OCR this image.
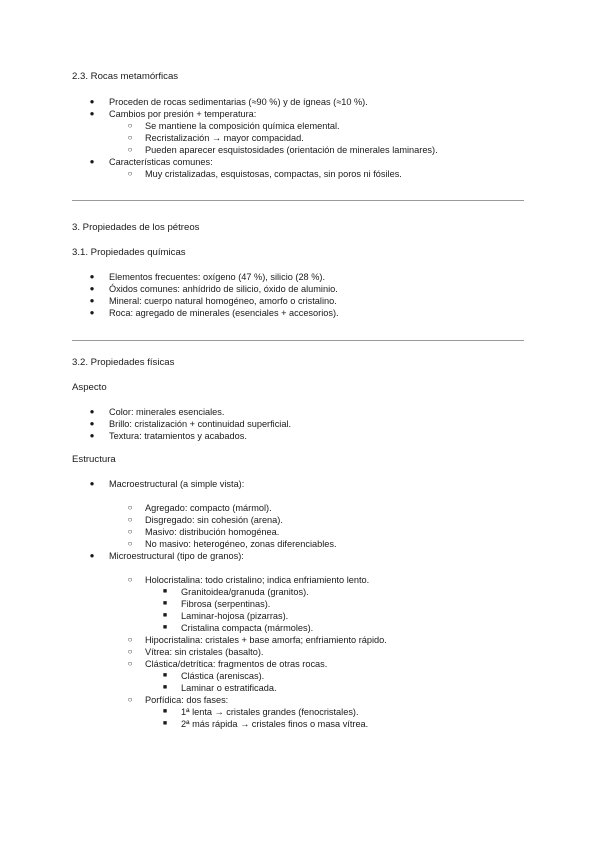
2.3. Rocas metamórficas
● Proceden de rocas sedimentarias (≈90 %) y de ígneas (≈10 %).
● Cambios por presión + temperatura:
○ Se mantiene la composición química elemental.
○ Recristalización → mayor compacidad.
○ Pueden aparecer esquistosidades (orientación de minerales laminares).
● Características comunes:
○ Muy cristalizadas, esquistosas, compactas, sin poros ni fósiles.
3. Propiedades de los pétreos
3.1. Propiedades químicas
● Elementos frecuentes: oxígeno (47 %), silicio (28 %).
● Óxidos comunes: anhídrido de silicio, óxido de aluminio.
● Mineral: cuerpo natural homogéneo, amorfo o cristalino.
● Roca: agregado de minerales (esenciales + accesorios).
3.2. Propiedades físicas
Aspecto
● Color: minerales esenciales.
● Brillo: cristalización + continuidad superficial.
● Textura: tratamientos y acabados.
Estructura
● Macroestructural (a simple vista):
○ Agregado: compacto (mármol).
○ Disgregado: sin cohesión (arena).
○ Masivo: distribución homogénea.
○ No masivo: heterogéneo, zonas diferenciables.
● Microestructural (tipo de granos):
○ Holocristalina: todo cristalino; indica enfriamiento lento.
■	Granitoidea/granuda (granitos).
■	Fibrosa (serpentinas).
■	Laminar-hojosa (pizarras).
■	Cristalina compacta (mármoles).
○ Hipocristalina: cristales + base amorfa; enfriamiento rápido.
○ Vítrea: sin cristales (basalto).
○ Clástica/detrítica: fragmentos de otras rocas.
■	Clástica (areniscas).
■	Laminar o estratificada.
○ Porfídica: dos fases:
■	1ª lenta → cristales grandes (fenocristales).
■	2ª más rápida → cristales finos o masa vítrea.
